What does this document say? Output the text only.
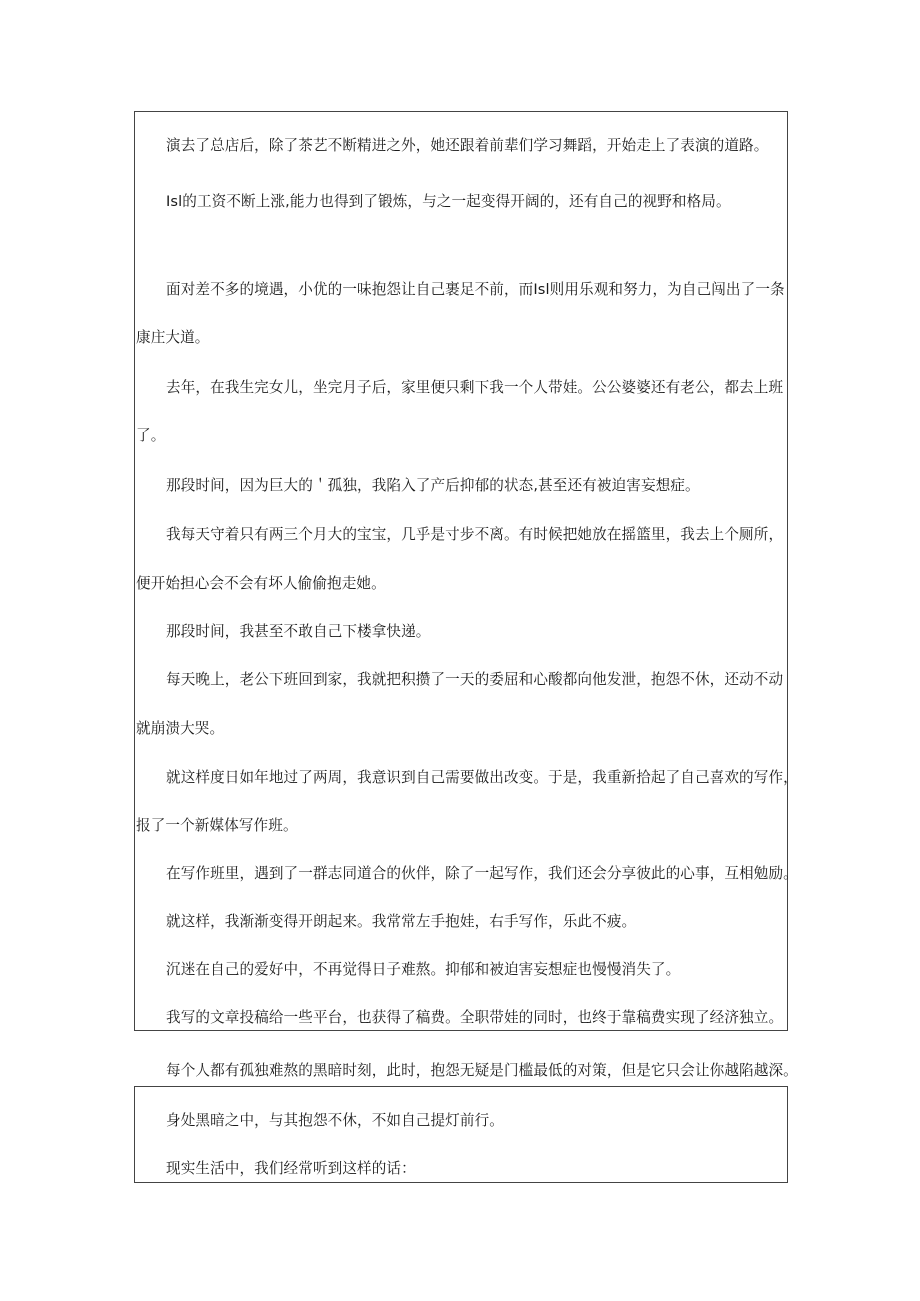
演去了总店后，除了茶艺不断精进之外，她还跟着前辈们学习舞蹈，开始走上了表演的道路。
Isl的工资不断上涨,能力也得到了锻炼，与之一起变得开阔的，还有自己的视野和格局。
面对差不多的境遇，小优的一味抱怨让自己裹足不前，而Isl则用乐观和努力，为自己闯出了一条
康庄大道。
去年，在我生完女儿，坐完月子后，家里便只剩下我一个人带娃。公公婆婆还有老公，都去上班
了。
那段时间，因为巨大的＇孤独，我陷入了产后抑郁的状态,甚至还有被迫害妄想症。
我每天守着只有两三个月大的宝宝，几乎是寸步不离。有时候把她放在摇篮里，我去上个厕所，
便开始担心会不会有坏人偷偷抱走她。
那段时间，我甚至不敢自己下楼拿快递。
每天晚上，老公下班回到家，我就把积攒了一天的委屈和心酸都向他发泄，抱怨不休，还动不动
就崩溃大哭。
就这样度日如年地过了两周，我意识到自己需要做出改变。于是，我重新拾起了自己喜欢的写作，
报了一个新媒体写作班。
在写作班里，遇到了一群志同道合的伙伴，除了一起写作，我们还会分享彼此的心事，互相勉励。
就这样，我渐渐变得开朗起来。我常常左手抱娃，右手写作，乐此不疲。
沉迷在自己的爱好中，不再觉得日子难熬。抑郁和被迫害妄想症也慢慢消失了。
我写的文章投稿给一些平台，也获得了稿费。全职带娃的同时，也终于靠稿费实现了经济独立。
每个人都有孤独难熬的黑暗时刻，此时，抱怨无疑是门槛最低的对策，但是它只会让你越陷越深。
身处黑暗之中，与其抱怨不休，不如自己提灯前行。
现实生活中，我们经常听到这样的话：
